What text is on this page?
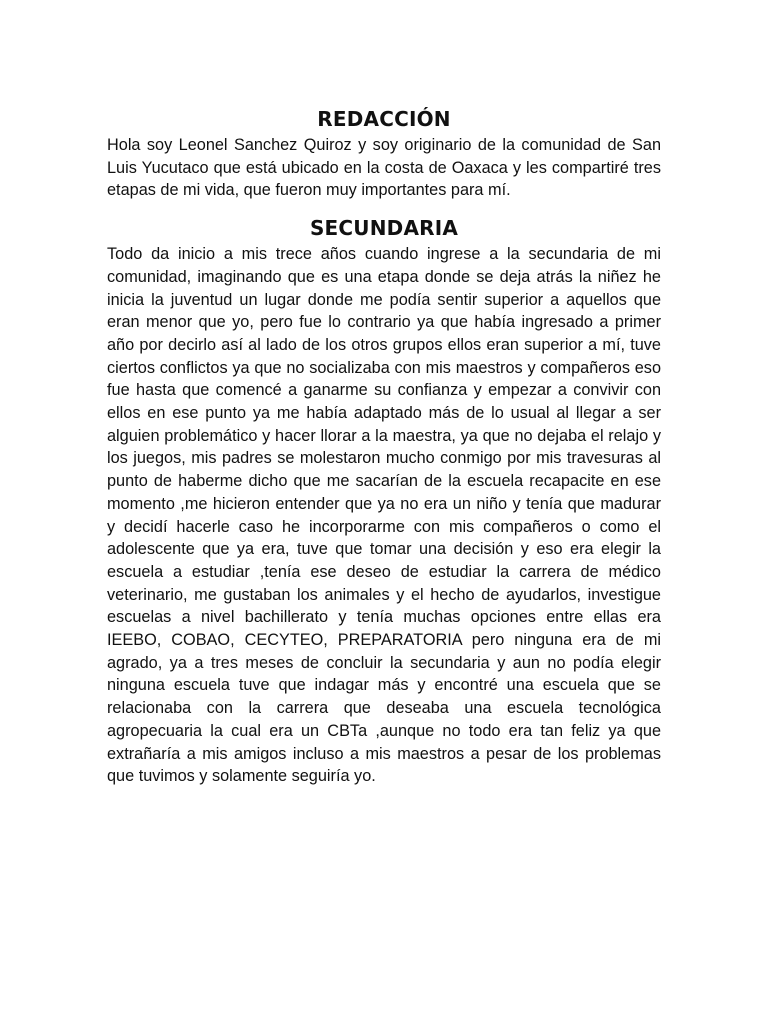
REDACCIÓN

Hola soy Leonel Sanchez Quiroz y soy originario de la comunidad de San Luis Yucutaco que está ubicado en la costa de Oaxaca y les compartiré tres etapas de mi vida, que fueron muy importantes para mí.

SECUNDARIA

Todo da inicio a mis trece años cuando ingrese a la secundaria de mi comunidad, imaginando que es una etapa donde se deja atrás la niñez he inicia la juventud un lugar donde me podía sentir superior a aquellos que eran menor que yo, pero fue lo contrario ya que había ingresado a primer año por decirlo así al lado de los otros grupos ellos eran superior a mí, tuve ciertos conflictos ya que no socializaba con mis maestros y compañeros eso fue hasta que comencé a ganarme su confianza y empezar a convivir con ellos en ese punto ya me había adaptado más de lo usual al llegar a ser alguien problemático y hacer llorar a la maestra, ya que no dejaba el relajo y los juegos, mis padres se molestaron mucho conmigo por mis travesuras al punto de haberme dicho que me sacarían de la escuela recapacite en ese momento ,me hicieron entender que ya no era un niño y tenía que madurar y decidí hacerle caso he incorporarme con mis compañeros o como el adolescente que ya era, tuve que tomar una decisión y eso era elegir la escuela a estudiar ,tenía ese deseo de estudiar la carrera de médico veterinario, me gustaban los animales y el hecho de ayudarlos, investigue escuelas a nivel bachillerato y tenía muchas opciones entre ellas era IEEBO, COBAO, CECYTEO, PREPARATORIA pero ninguna era de mi agrado, ya a tres meses de concluir la secundaria y aun no podía elegir ninguna escuela tuve que indagar más y encontré una escuela que se relacionaba con la carrera que deseaba una escuela tecnológica agropecuaria la cual era un CBTa ,aunque no todo era tan feliz ya que extrañaría a mis amigos incluso a mis maestros a pesar de los problemas que tuvimos y solamente seguiría yo.
